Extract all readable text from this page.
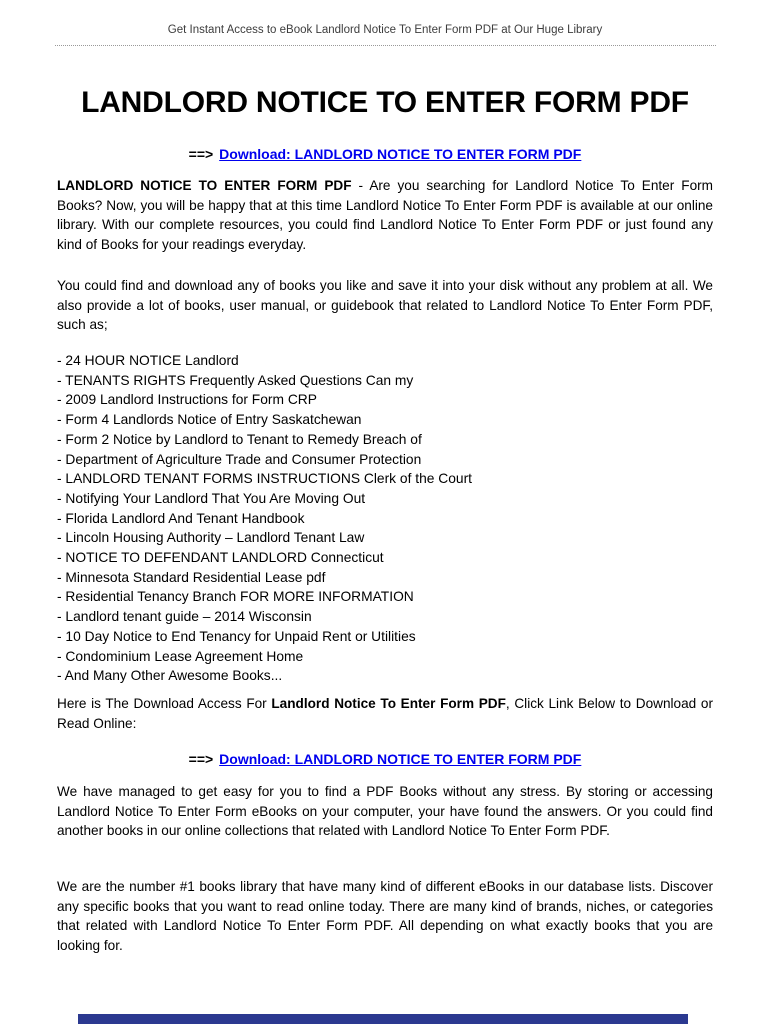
Get Instant Access to eBook Landlord Notice To Enter Form PDF at Our Huge Library
LANDLORD NOTICE TO ENTER FORM PDF
==> Download: LANDLORD NOTICE TO ENTER FORM PDF
LANDLORD NOTICE TO ENTER FORM PDF - Are you searching for Landlord Notice To Enter Form Books? Now, you will be happy that at this time Landlord Notice To Enter Form PDF is available at our online library. With our complete resources, you could find Landlord Notice To Enter Form PDF or just found any kind of Books for your readings everyday.
You could find and download any of books you like and save it into your disk without any problem at all. We also provide a lot of books, user manual, or guidebook that related to Landlord Notice To Enter Form PDF, such as;
- 24 HOUR NOTICE Landlord
- TENANTS RIGHTS Frequently Asked Questions Can my
- 2009 Landlord Instructions for Form CRP
- Form 4 Landlords Notice of Entry Saskatchewan
- Form 2 Notice by Landlord to Tenant to Remedy Breach of
- Department of Agriculture Trade and Consumer Protection
- LANDLORD TENANT FORMS INSTRUCTIONS Clerk of the Court
- Notifying Your Landlord That You Are Moving Out
- Florida Landlord And Tenant Handbook
- Lincoln Housing Authority – Landlord Tenant Law
- NOTICE TO DEFENDANT LANDLORD Connecticut
- Minnesota Standard Residential Lease pdf
- Residential Tenancy Branch FOR MORE INFORMATION
- Landlord tenant guide – 2014 Wisconsin
- 10 Day Notice to End Tenancy for Unpaid Rent or Utilities
- Condominium Lease Agreement Home
- And Many Other Awesome Books...
Here is The Download Access For Landlord Notice To Enter Form PDF, Click Link Below to Download or Read Online:
==> Download: LANDLORD NOTICE TO ENTER FORM PDF
We have managed to get easy for you to find a PDF Books without any stress. By storing or accessing Landlord Notice To Enter Form eBooks on your computer, your have found the answers. Or you could find another books in our online collections that related with Landlord Notice To Enter Form PDF.
We are the number #1 books library that have many kind of different eBooks in our database lists. Discover any specific books that you want to read online today. There are many kind of brands, niches, or categories that related with Landlord Notice To Enter Form PDF. All depending on what exactly books that you are looking for.
